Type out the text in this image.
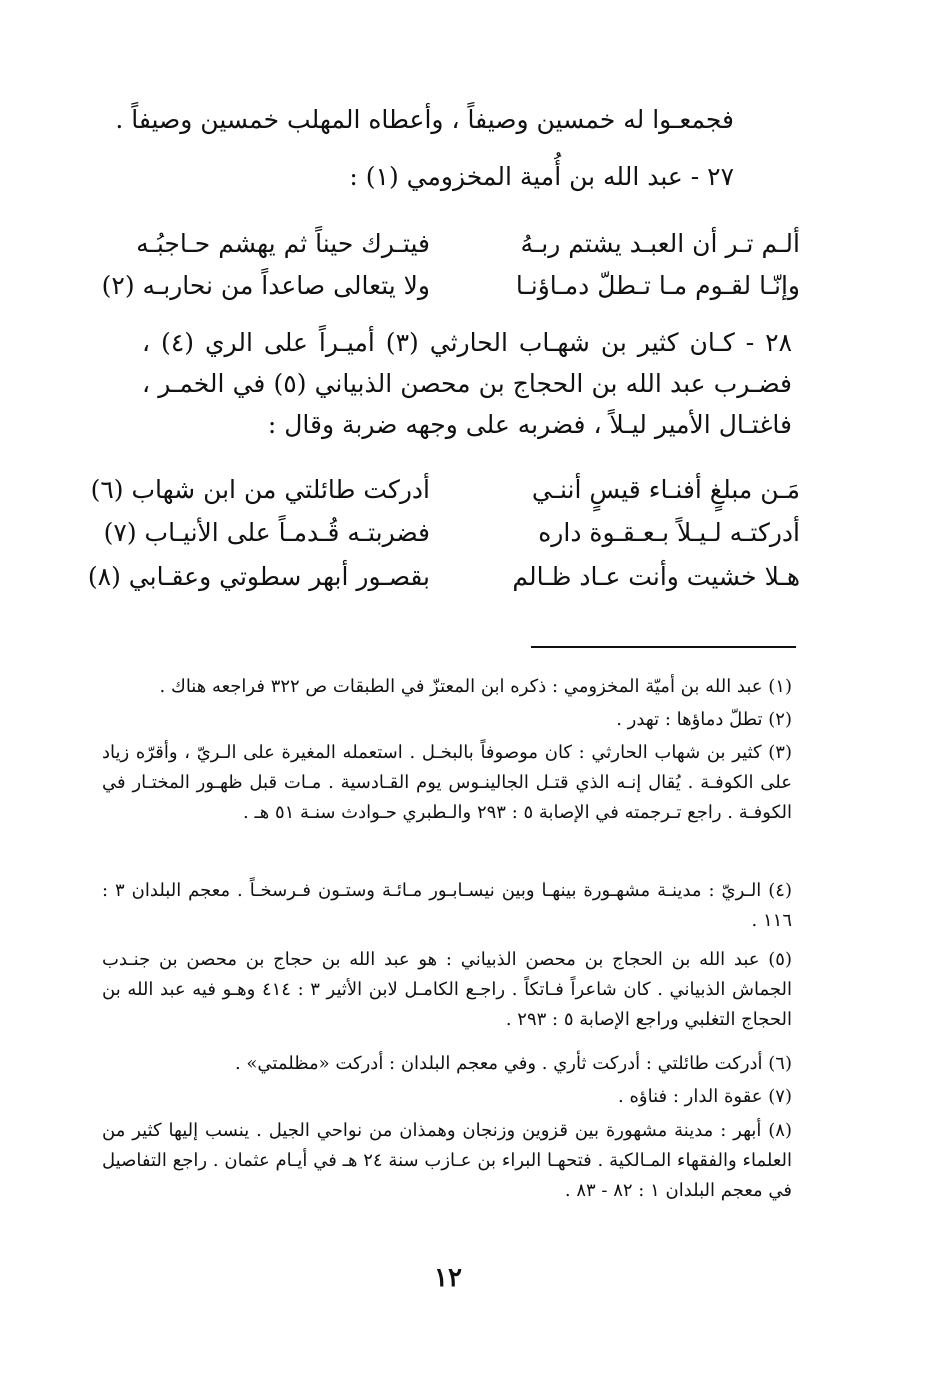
فجمعـوا له خمسين وصيفاً ، وأعطاه المهلب خمسين وصيفاً .
٢٧ - عبد الله بن أُمية المخزومي (١) :
ألـم تـر أن العبـد يشتم ربـهُ
فيتـرك حيناً ثم يهشم حـاجبُـه
وإنّـا لقـوم مـا تـطلّ دمـاؤنـا
ولا يتعالى صاعداً من نحاربـه (٢)
٢٨ - كـان كثير بن شهـاب الحارثي (٣) أميـراً على الري (٤) ، فضـرب عبد الله بن الحجاج بن محصن الذبياني (٥) في الخمـر ، فاغتـال الأمير ليـلاً ، فضربه على وجهه ضربة وقال :
مَـن مبلغٍ أفنـاء قيسٍ أننـي
أدركت طائلتي من ابن شهاب (٦)
أدركتـه لـيـلاً بـعـقـوة داره
فضربتـه قُـدمـاً على الأنيـاب (٧)
هـلا خشيت وأنت عـاد ظـالم
بقصـور أبهر سطوتي وعقـابي (٨)
(١) عبد الله بن أميّة المخزومي : ذكره ابن المعتزّ في الطبقات ص ٣٢٢ فراجعه هناك .
(٢) تطلّ دماؤها : تهدر .
(٣) كثير بن شهاب الحارثي : كان موصوفاً بالبخـل . استعمله المغيرة على الـريّ ، وأقرّه زياد على الكوفـة . يُقال إنـه الذي قتـل الجالينـوس يوم القـادسية . مـات قبل ظهـور المختـار في الكوفـة . راجع تـرجمته في الإصابة ٥ : ٢٩٣ والـطبري حـوادث سنـة ٥١ هـ .
(٤) الـريّ : مدينـة مشهـورة بينهـا وبين نيسـابـور مـائـة وستـون فـرسخـاً . معجم البلدان ٣ : ١١٦ .
(٥) عبد الله بن الحجاج بن محصن الذبياني : هو عبد الله بن حجاج بن محصن بن جنـدب الجماش الذبياني . كان شاعراً فـاتكاً . راجـع الكامـل لابن الأثير ٣ : ٤١٤ وهـو فيه عبد الله بن الحجاج التغلبي وراجع الإصابة ٥ : ٢٩٣ .
(٦) أدركت طائلتي : أدركت ثأري . وفي معجم البلدان : أدركت «مظلمتي» .
(٧) عقوة الدار : فناؤه .
(٨) أبهر : مدينة مشهورة بين قزوين وزنجان وهمذان من نواحي الجيل . ينسب إليها كثير من العلماء والفقهاء المـالكية . فتحهـا البراء بن عـازب سنة ٢٤ هـ في أيـام عثمان . راجع التفاصيل في معجم البلدان ١ : ٨٢ - ٨٣ .
١٢
